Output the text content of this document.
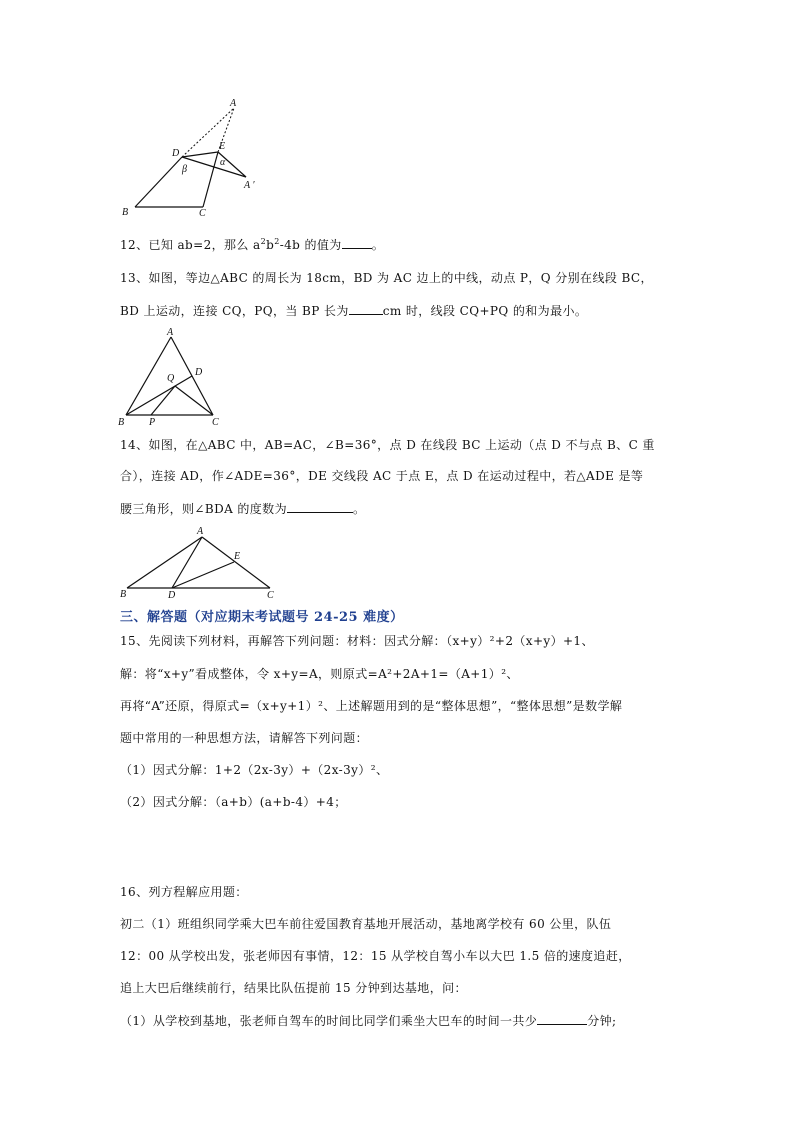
A
E
D
α
β
A ′
B	C
12、已知 ab=2，那么 $a^2b^2-4b$ 的值为	。
13、如图，等边△ABC 的周长为 18cm，BD 为 AC 边上的中线，动点 P，Q 分别在线段 BC，
BD 上运动，连接 CQ，PQ，当 BP 长为	cm 时，线段 CQ+PQ 的和为最小。
A
D
Q
B P	C
14、如图，在△ABC 中，AB=AC，∠B=36°，点 D 在线段 BC 上运动（点 D 不与点 B、C 重
合），连接 AD，作∠ADE=36°，DE 交线段 AC 于点 E，点 D 在运动过程中，若△ADE 是等
腰三角形，则∠BDA 的度数为	。
A
E
B	D	C
三、解答题（对应期末考试题号 24-25 难度）
15、先阅读下列材料，再解答下列问题：材料：因式分解：（x+y）²+2（x+y）+1、
解：将“x+y”看成整体，令 x+y=A，则原式=A²+2A+1=（A+1）²、
再将“A”还原，得原式=（x+y+1）²、上述解题用到的是“整体思想”，“整体思想”是数学解
题中常用的一种思想方法，请解答下列问题：
（1）因式分解：1+2（2x-3y）+（2x-3y）²、
（2）因式分解：（a+b）(a+b-4）+4；
16、列方程解应用题：
初二（1）班组织同学乘大巴车前往爱国教育基地开展活动，基地离学校有 60 公里，队伍
12：00 从学校出发，张老师因有事情，12：15 从学校自驾小车以大巴 1.5 倍的速度追赶，
追上大巴后继续前行，结果比队伍提前 15 分钟到达基地，问：
（1）从学校到基地，张老师自驾车的时间比同学们乘坐大巴车的时间一共少	分钟;
